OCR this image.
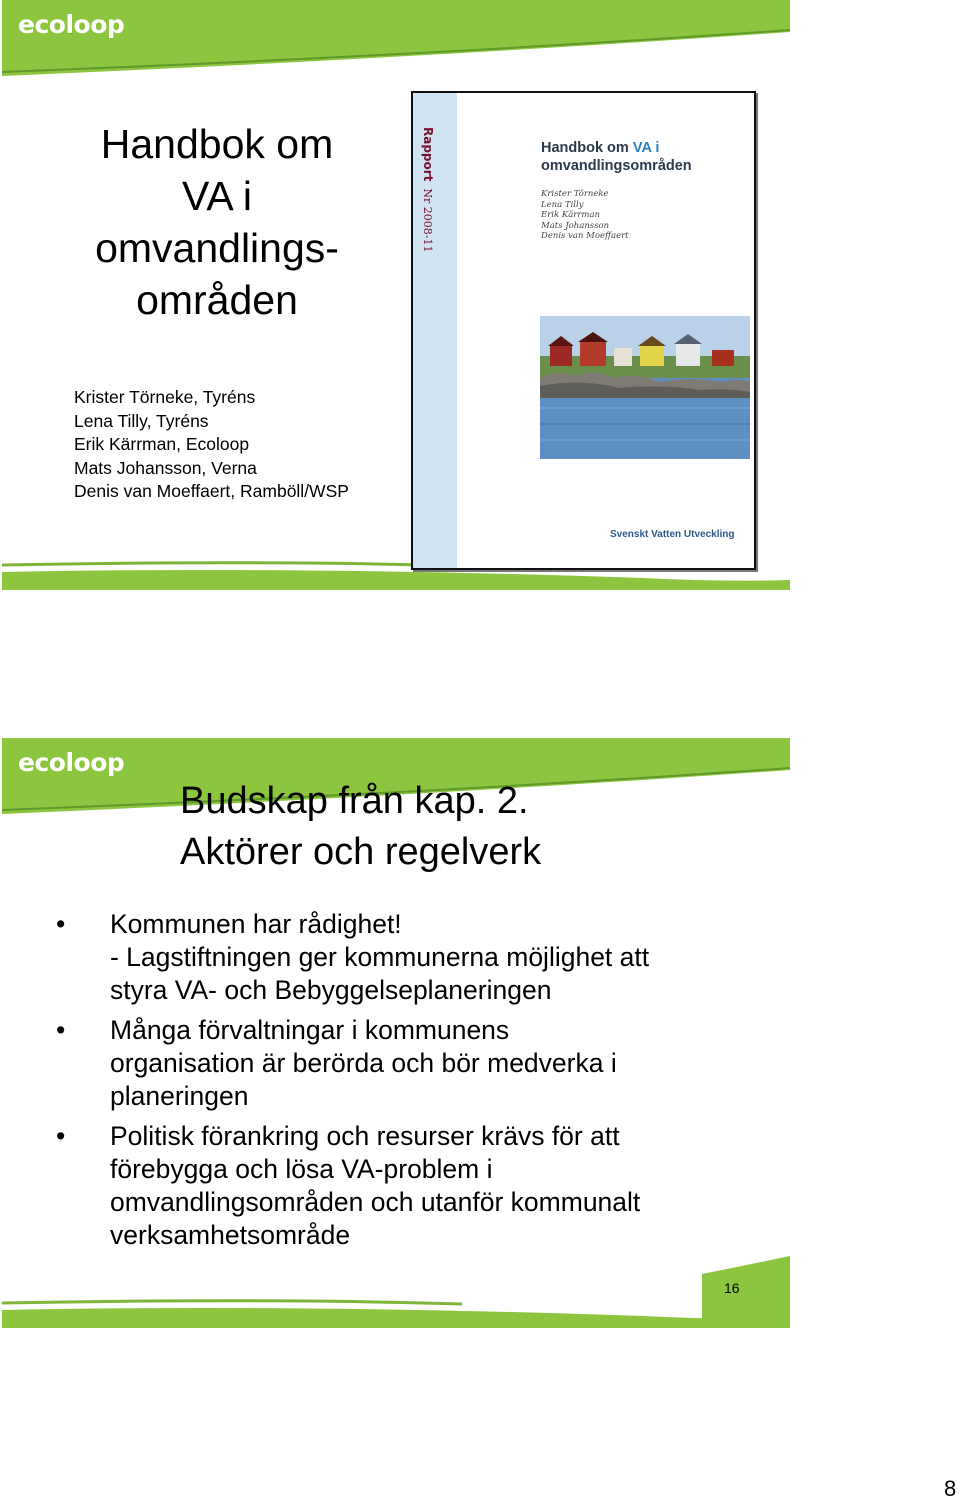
ecoloop
Handbok om
VA i
omvandlings-
områden
Krister Törneke, Tyréns
Lena Tilly, Tyréns
Erik Kärrman, Ecoloop
Mats Johansson, Verna
Denis van Moeffaert, Ramböll/WSP
Rapport  Nr 2008-11
Handbok om VA i
omvandlingsområden
Krister Törneke
Lena Tilly
Erik Kärrman
Mats Johansson
Denis van Moeffaert
Svenskt Vatten Utveckling
ecoloop
Budskap från kap. 2.
Aktörer och regelverk
• Kommunen har rådighet!
- Lagstiftningen ger kommunerna möjlighet att
styra VA- och Bebyggelseplaneringen
• Många förvaltningar i kommunens
organisation är berörda och bör medverka i
planeringen
• Politisk förankring och resurser krävs för att
förebygga och lösa VA-problem i
omvandlingsområden och utanför kommunalt
verksamhetsområde
16
8
